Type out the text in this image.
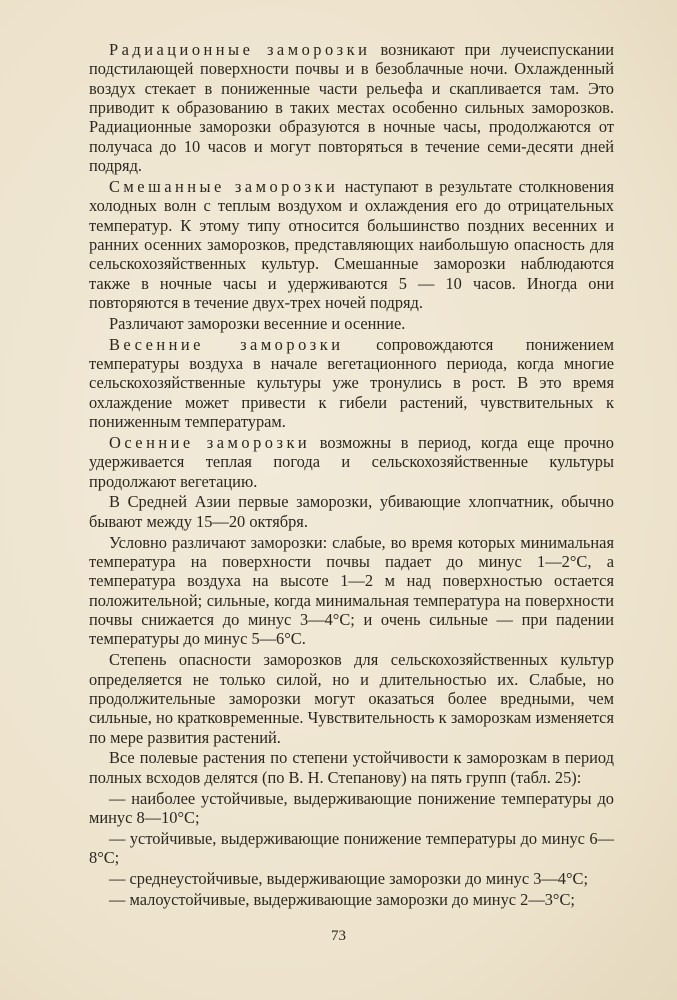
Радиационные заморозки возникают при лучеиспускании подстилающей поверхности почвы и в безоблачные ночи. Охлажденный воздух стекает в пониженные части рельефа и скапливается там. Это приводит к образованию в таких местах особенно сильных заморозков. Радиационные заморозки образуются в ночные часы, продолжаются от получаса до 10 часов и могут повторяться в течение семи-десяти дней подряд.

Смешанные заморозки наступают в результате столкновения холодных волн с теплым воздухом и охлаждения его до отрицательных температур. К этому типу относится большинство поздних весенних и ранних осенних заморозков, представляющих наибольшую опасность для сельскохозяйственных культур. Смешанные заморозки наблюдаются также в ночные часы и удерживаются 5 — 10 часов. Иногда они повторяются в течение двух-трех ночей подряд.

Различают заморозки весенние и осенние.

Весенние заморозки сопровождаются понижением температуры воздуха в начале вегетационного периода, когда многие сельскохозяйственные культуры уже тронулись в рост. В это время охлаждение может привести к гибели растений, чувствительных к пониженным температурам.

Осенние заморозки возможны в период, когда еще прочно удерживается теплая погода и сельскохозяйственные культуры продолжают вегетацию.

В Средней Азии первые заморозки, убивающие хлопчатник, обычно бывают между 15—20 октября.

Условно различают заморозки: слабые, во время которых минимальная температура на поверхности почвы падает до минус 1—2°С, а температура воздуха на высоте 1—2 м над поверхностью остается положительной; сильные, когда минимальная температура на поверхности почвы снижается до минус 3—4°С; и очень сильные — при падении температуры до минус 5—6°С.

Степень опасности заморозков для сельскохозяйственных культур определяется не только силой, но и длительностью их. Слабые, но продолжительные заморозки могут оказаться более вредными, чем сильные, но кратковременные. Чувствительность к заморозкам изменяется по мере развития растений.

Все полевые растения по степени устойчивости к заморозкам в период полных всходов делятся (по В. Н. Степанову) на пять групп (табл. 25):

— наиболее устойчивые, выдерживающие понижение температуры до минус 8—10°С;

— устойчивые, выдерживающие понижение температуры до минус 6—8°С;

— среднеустойчивые, выдерживающие заморозки до минус 3—4°С;

— малоустойчивые, выдерживающие заморозки до минус 2—3°С;

73
